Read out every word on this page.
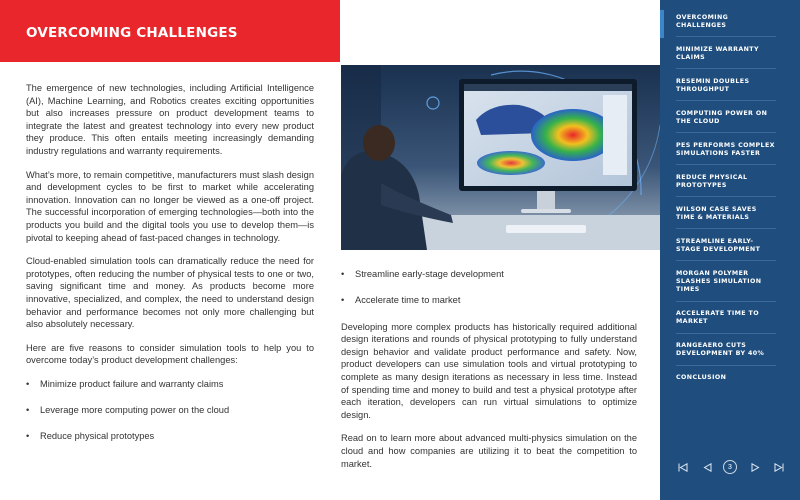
OVERCOMING CHALLENGES

The emergence of new technologies, including Artificial Intelligence (AI), Machine Learning, and Robotics creates exciting opportunities but also increases pressure on product development teams to integrate the latest and greatest technology into every new product they produce. This often entails meeting increasingly demanding industry regulations and warranty requirements.

What’s more, to remain competitive, manufacturers must slash design and development cycles to be first to market while accelerating innovation. Innovation can no longer be viewed as a one-off project. The successful incorporation of emerging technologies—both into the products you build and the digital tools you use to develop them—is pivotal to keeping ahead of fast-paced changes in technology.

Cloud-enabled simulation tools can dramatically reduce the need for prototypes, often reducing the number of physical tests to one or two, saving significant time and money. As products become more innovative, specialized, and complex, the need to understand design behavior and performance becomes not only more challenging but also absolutely necessary.

Here are five reasons to consider simulation tools to help you to overcome today’s product development challenges:

• Minimize product failure and warranty claims
• Leverage more computing power on the cloud
• Reduce physical prototypes
• Streamline early-stage development
• Accelerate time to market

Developing more complex products has historically required additional design iterations and rounds of physical prototyping to fully understand design behavior and validate product performance and safety. Now, product developers can use simulation tools and virtual prototyping to complete as many design iterations as necessary in less time. Instead of spending time and money to build and test a physical prototype after each iteration, developers can run virtual simulations to optimize design.

Read on to learn more about advanced multi-physics simulation on the cloud and how companies are utilizing it to beat the competition to market.

OVERCOMING CHALLENGES
MINIMIZE WARRANTY CLAIMS
RESEMIN DOUBLES THROUGHPUT
COMPUTING POWER ON THE CLOUD
PES PERFORMS COMPLEX SIMULATIONS FASTER
REDUCE PHYSICAL PROTOTYPES
WILSON CASE SAVES TIME & MATERIALS
STREAMLINE EARLY-STAGE DEVELOPMENT
MORGAN POLYMER SLASHES SIMULATION TIMES
ACCELERATE TIME TO MARKET
RANGEAERO CUTS DEVELOPMENT BY 40%
CONCLUSION
3
